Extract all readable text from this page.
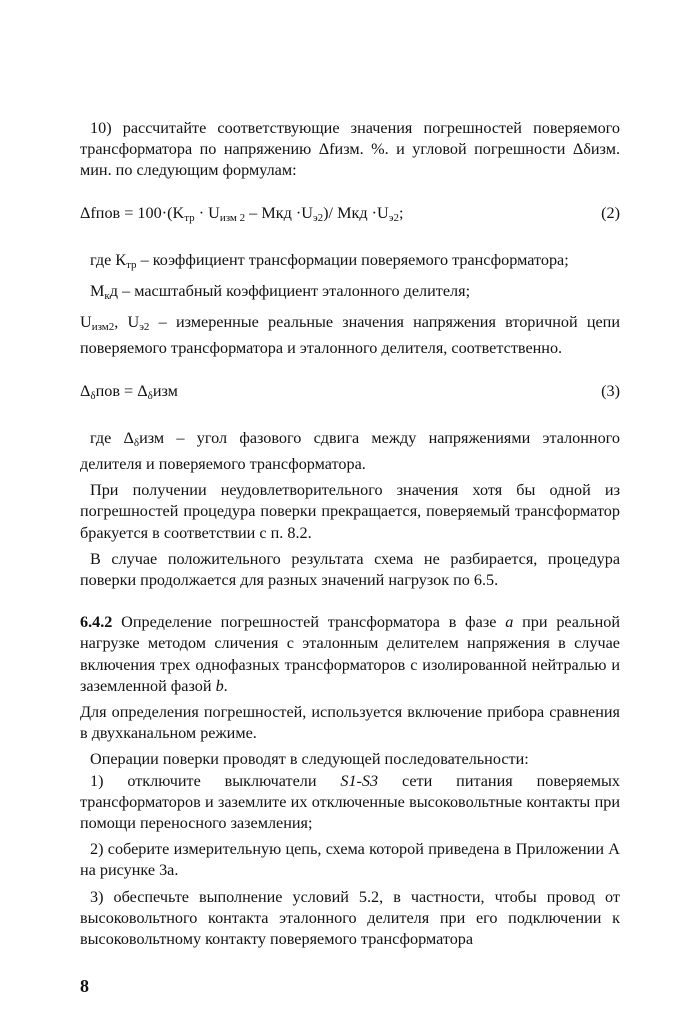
10) рассчитайте соответствующие значения погрешностей поверяемого трансформатора по напряжению Δfизм. %. и угловой погрешности Δδизм. мин. по следующим формулам:

Δfпов = $100\cdot(K_{тр} \cdot U_{изм 2}$ – Mкд $\cdot U_{э2})/$ Mкд $\cdot U_{э2}$;	(2)

где $К_{тр}$ – коэффициент трансформации поверяемого трансформатора;

$M_кд$ – масштабный коэффициент эталонного делителя;

$U_{изм2}$, $U_{э2}$ – измеренные реальные значения напряжения вторичной цепи поверяемого трансформатора и эталонного делителя, соответственно.

$\Delta_\delta пов = \Delta_\delta изм$	(3)

где $\Delta_\delta изм$ – угол фазового сдвига между напряжениями эталонного делителя и поверяемого трансформатора.

При получении неудовлетворительного значения хотя бы одной из погрешностей процедура поверки прекращается, поверяемый трансформатор бракуется в соответствии с п. 8.2.

В случае положительного результата схема не разбирается, процедура поверки продолжается для разных значений нагрузок по 6.5.

6.4.2 Определение погрешностей трансформатора в фазе а при реальной нагрузке методом сличения с эталонным делителем напряжения в случае включения трех однофазных трансформаторов с изолированной нейтралью и заземленной фазой b.

Для определения погрешностей, используется включение прибора сравнения в двухканальном режиме.

Операции поверки проводят в следующей последовательности:

1) отключите выключатели S1-S3 сети питания поверяемых трансформаторов и заземлите их отключенные высоковольтные контакты при помощи переносного заземления;

2) соберите измерительную цепь, схема которой приведена в Приложении А на рисунке 3а.

3) обеспечьте выполнение условий 5.2, в частности, чтобы провод от высоковольтного контакта эталонного делителя при его подключении к высоковольтному контакту поверяемого трансформатора

8
